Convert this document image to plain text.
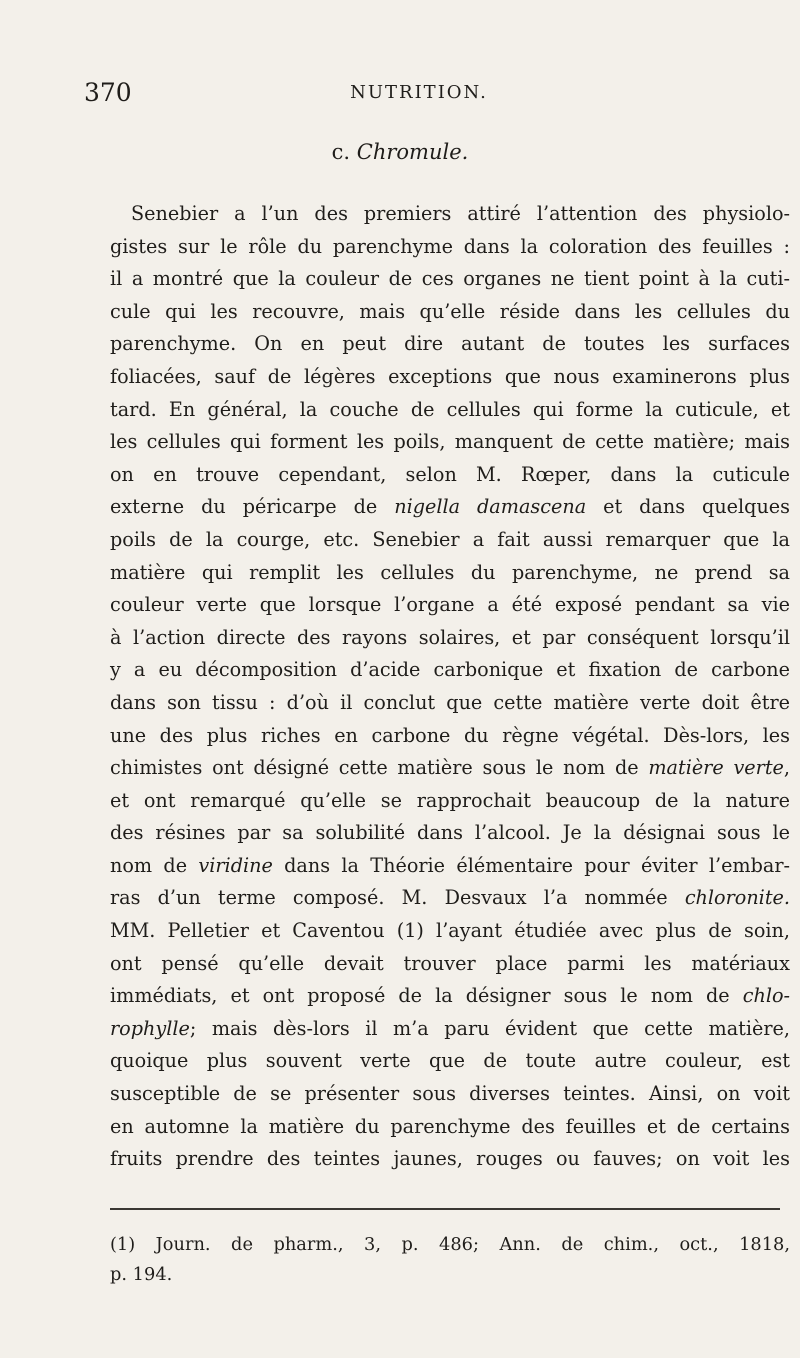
370	NUTRITION.
c. Chromule.
Senebier a l’un des premiers attiré l’attention des physiolo-
gistes sur le rôle du parenchyme dans la coloration des feuilles :
il a montré que la couleur de ces organes ne tient point à la cuti-
cule qui les recouvre, mais qu’elle réside dans les cellules du
parenchyme. On en peut dire autant de toutes les surfaces
foliacées, sauf de légères exceptions que nous examinerons plus
tard. En général, la couche de cellules qui forme la cuticule, et
les cellules qui forment les poils, manquent de cette matière; mais
on en trouve cependant, selon M. Rœper, dans la cuticule
externe du péricarpe de nigella damascena et dans quelques
poils de la courge, etc. Senebier a fait aussi remarquer que la
matière qui remplit les cellules du parenchyme, ne prend sa
couleur verte que lorsque l’organe a été exposé pendant sa vie
à l’action directe des rayons solaires, et par conséquent lorsqu’il
y a eu décomposition d’acide carbonique et fixation de carbone
dans son tissu : d’où il conclut que cette matière verte doit être
une des plus riches en carbone du règne végétal. Dès-lors, les
chimistes ont désigné cette matière sous le nom de matière verte,
et ont remarqué qu’elle se rapprochait beaucoup de la nature
des résines par sa solubilité dans l’alcool. Je la désignai sous le
nom de viridine dans la Théorie élémentaire pour éviter l’embar-
ras d’un terme composé. M. Desvaux l’a nommée chloronite.
MM. Pelletier et Caventou (1) l’ayant étudiée avec plus de soin,
ont pensé qu’elle devait trouver place parmi les matériaux
immédiats, et ont proposé de la désigner sous le nom de chlo-
rophylle; mais dès-lors il m’a paru évident que cette matière,
quoique plus souvent verte que de toute autre couleur, est
susceptible de se présenter sous diverses teintes. Ainsi, on voit
en automne la matière du parenchyme des feuilles et de certains
fruits prendre des teintes jaunes, rouges ou fauves; on voit les
(1) Journ. de pharm., 3, p. 486; Ann. de chim., oct., 1818,
p. 194.
